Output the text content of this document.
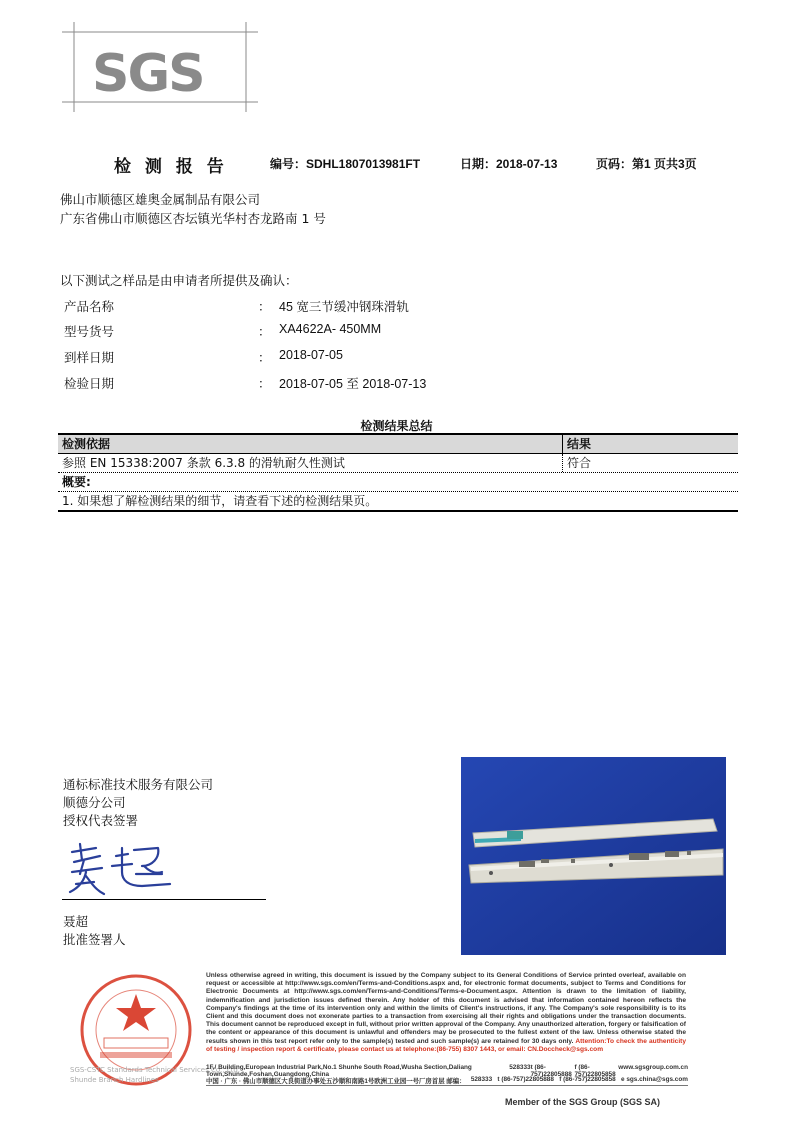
SGS
检 测 报 告	编号：SDHL1807013981FT	日期：2018-07-13	页码：第1 页共3页
佛山市顺德区雄奥金属制品有限公司
广东省佛山市顺德区杏坛镇光华村杏龙路南 1 号
以下测试之样品是由申请者所提供及确认：
产品名称	： 45 宽三节缓冲钢珠滑轨
型号货号	： XA4622A- 450MM
到样日期	： 2018-07-05
检验日期	： 2018-07-05 至 2018-07-13
检测结果总结
检测依据	结果
参照 EN 15338:2007 条款 6.3.8 的滑轨耐久性测试	符合
概要:
1. 如果想了解检测结果的细节，请查看下述的检测结果页。
通标标准技术服务有限公司
顺德分公司
授权代表签署
聂超
批准签署人
SGS-CSTC Standards Technical Services Co., Ltd.
Shunde Branch Hardlines
Unless otherwise agreed in writing, this document is issued by the Company subject to its General Conditions of Service printed overleaf, available on request or accessible at http://www.sgs.com/en/Terms-and-Conditions.aspx and, for electronic format documents, subject to Terms and Conditions for Electronic Documents at http://www.sgs.com/en/Terms-and-Conditions/Terms-e-Document.aspx. Attention is drawn to the limitation of liability, indemnification and jurisdiction issues defined therein. Any holder of this document is advised that information contained hereon reflects the Company's findings at the time of its intervention only and within the limits of Client's instructions, if any. The Company's sole responsibility is to its Client and this document does not exonerate parties to a transaction from exercising all their rights and obligations under the transaction documents. This document cannot be reproduced except in full, without prior written approval of the Company. Any unauthorized alteration, forgery or falsification of the content or appearance of this document is unlawful and offenders may be prosecuted to the fullest extent of the law. Unless otherwise stated the results shown in this test report refer only to the sample(s) tested and such sample(s) are retained for 30 days only. Attention:To check the authenticity of testing / inspection report & certificate, please contact us at telephone:(86-755) 8307 1443, or email: CN.Doccheck@sgs.com
1F,/ Building,European Industrial Park,No.1 Shunhe South Road,Wusha Section,Daliang Town,Shunde,Foshan,Guangdong,China
528333 t (86-757)22805888
f (86-757)22805858
www.sgsgroup.com.cn
中国 · 广东 · 佛山市顺德区大良街道办事处五沙顺和南路1号欧洲工业园一号厂房首层 邮编： 528333 t (86-757)22805888 f (86-757)22805858 e sgs.china@sgs.com
Member of the SGS Group (SGS SA)
